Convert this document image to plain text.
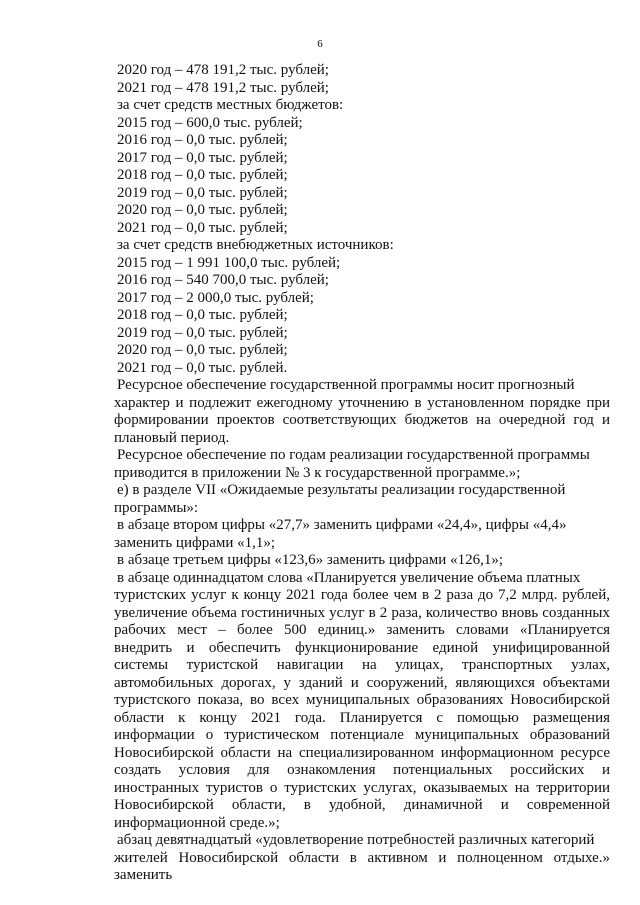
6
2020 год – 478 191,2 тыс. рублей;
2021 год – 478 191,2 тыс. рублей;
за счет средств местных бюджетов:
2015 год – 600,0 тыс. рублей;
2016 год – 0,0 тыс. рублей;
2017 год – 0,0 тыс. рублей;
2018 год – 0,0 тыс. рублей;
2019 год – 0,0 тыс. рублей;
2020 год – 0,0 тыс. рублей;
2021 год – 0,0 тыс. рублей;
за счет средств внебюджетных источников:
2015 год – 1 991 100,0 тыс. рублей;
2016 год – 540 700,0 тыс. рублей;
2017 год – 2 000,0 тыс. рублей;
2018 год – 0,0 тыс. рублей;
2019 год – 0,0 тыс. рублей;
2020 год – 0,0 тыс. рублей;
2021 год – 0,0 тыс. рублей.
Ресурсное обеспечение государственной программы носит прогнозный
характер и подлежит ежегодному уточнению в установленном порядке при формировании проектов соответствующих бюджетов на очередной год и плановый период.
Ресурсное обеспечение по годам реализации государственной программы
приводится в приложении № 3 к государственной программе.»;
е) в разделе VII «Ожидаемые результаты реализации государственной
программы»:
в абзаце втором цифры «27,7» заменить цифрами «24,4», цифры «4,4»
заменить цифрами «1,1»;
в абзаце третьем цифры «123,6» заменить цифрами «126,1»;
в абзаце одиннадцатом слова «Планируется увеличение объема платных
туристских услуг к концу 2021 года более чем в 2 раза до 7,2 млрд. рублей, увеличение объема гостиничных услуг в 2 раза, количество вновь созданных рабочих мест – более 500 единиц.» заменить словами «Планируется внедрить и обеспечить функционирование единой унифицированной системы туристской навигации на улицах, транспортных узлах, автомобильных дорогах, у зданий и сооружений, являющихся объектами туристского показа, во всех муниципальных образованиях Новосибирской области к концу 2021 года. Планируется с помощью размещения информации о туристическом потенциале муниципальных образований Новосибирской области на специализированном информационном ресурсе создать условия для ознакомления потенциальных российских и иностранных туристов о туристских услугах, оказываемых на территории Новосибирской области, в удобной, динамичной и современной информационной среде.»;
абзац девятнадцатый «удовлетворение потребностей различных категорий
жителей Новосибирской области в активном и полноценном отдыхе.» заменить
